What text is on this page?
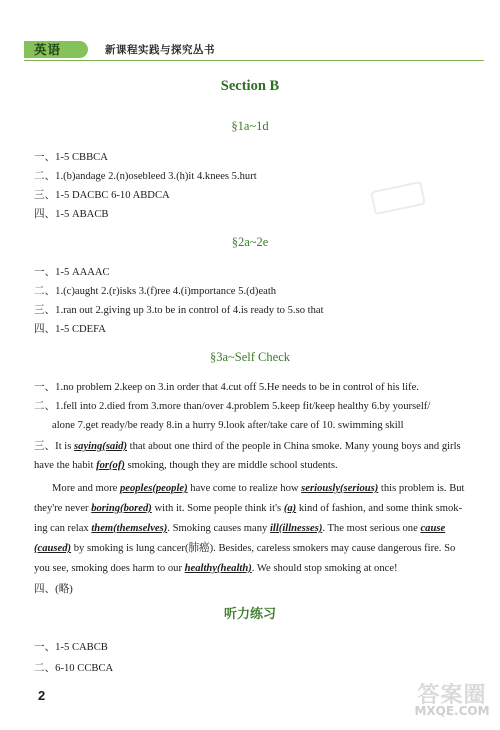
英语	新课程实践与探究丛书
Section B
§1a~1d
一、1-5 CBBCA
二、1.(b)andage 2.(n)osebleed 3.(h)it 4.knees 5.hurt
三、1-5 DACBC 6-10 ABDCA
四、1-5 ABACB
§2a~2e
一、1-5 AAAAC
二、1.(c)aught 2.(r)isks 3.(f)ree 4.(i)mportance 5.(d)eath
三、1.ran out 2.giving up 3.to be in control of 4.is ready to 5.so that
四、1-5 CDEFA
§3a~Self Check
一、1.no problem 2.keep on 3.in order that 4.cut off 5.He needs to be in control of his life.
二、1.fell into 2.died from 3.more than/over 4.problem 5.keep fit/keep healthy 6.by yourself/
alone 7.get ready/be ready 8.in a hurry 9.look after/take care of 10. swimming skill
三、It is saying(said) that about one third of the people in China smoke. Many young boys and girls
have the habit for(of) smoking, though they are middle school students.
More and more peoples(people) have come to realize how seriously(serious) this problem is. But
they're never boring(bored) with it. Some people think it's (a) kind of fashion, and some think smok-
ing can relax them(themselves). Smoking causes many ill(illnesses). The most serious one cause
(caused) by smoking is lung cancer(肺癌). Besides, careless smokers may cause dangerous fire. So
you see, smoking does harm to our healthy(health). We should stop smoking at once!
四、(略)
听力练习
一、1-5 CABCB
二、6-10 CCBCA
2	答案圈
MXQE.COM
